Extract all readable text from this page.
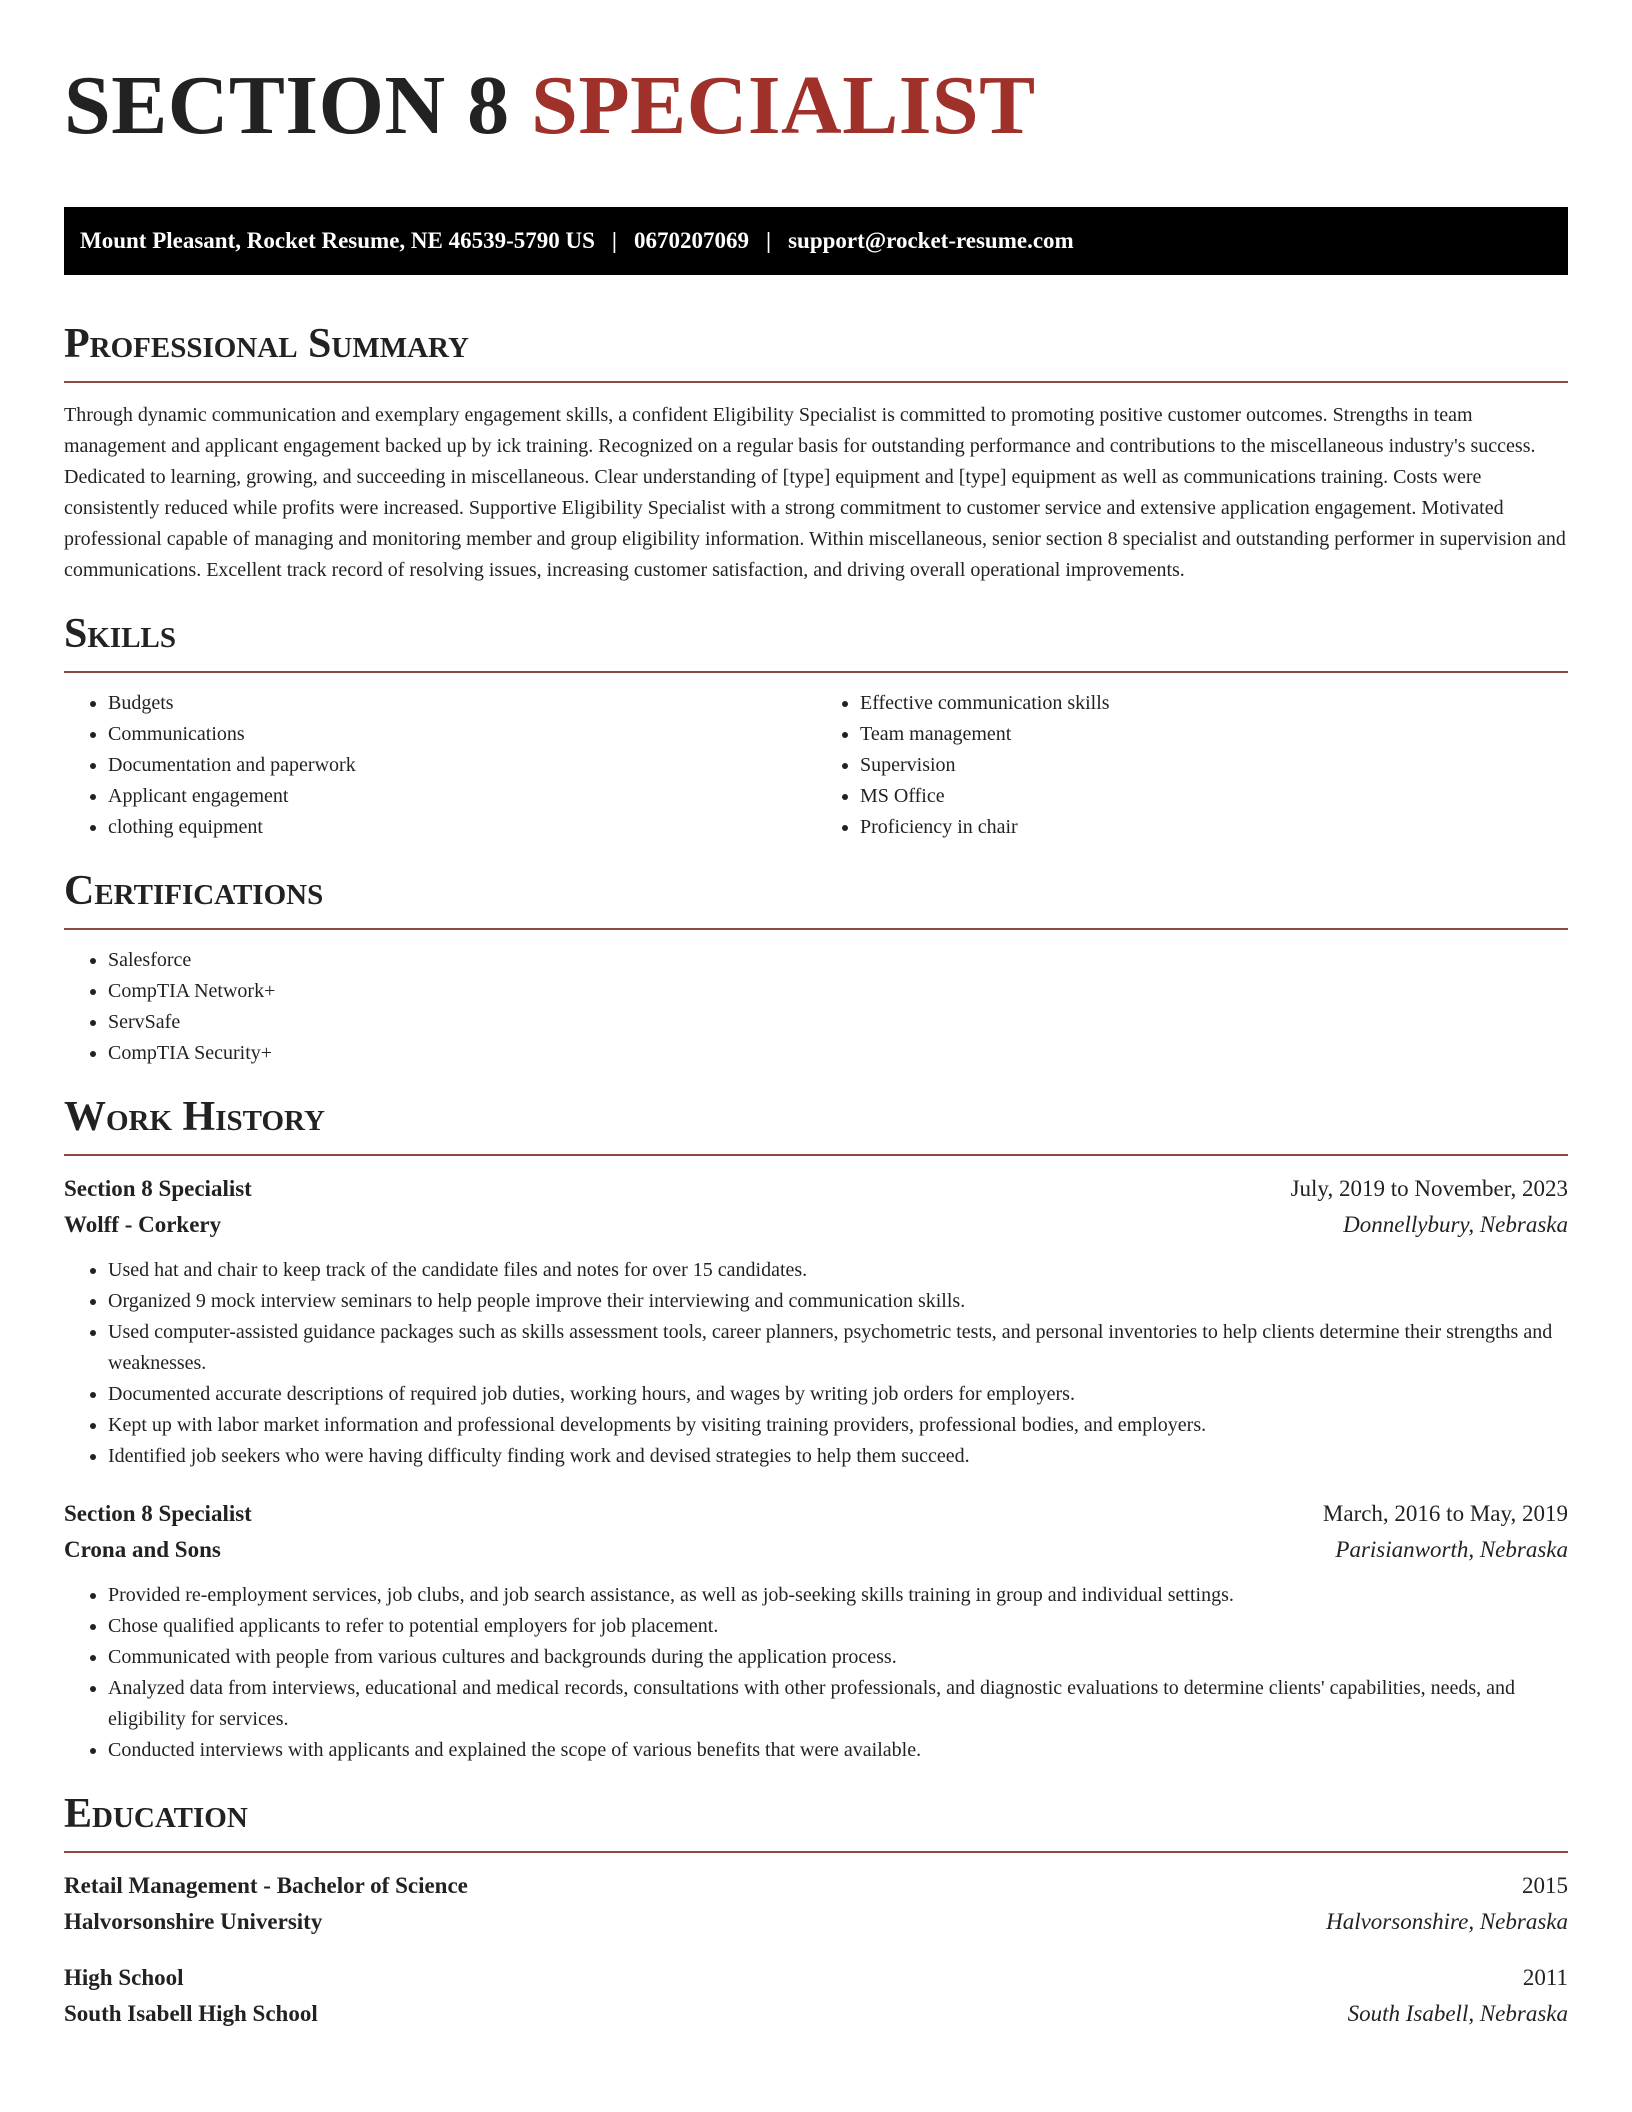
SECTION 8 SPECIALIST
Mount Pleasant, Rocket Resume, NE 46539-5790 US | 0670207069 | support@rocket-resume.com
Professional Summary

Through dynamic communication and exemplary engagement skills, a confident Eligibility Specialist is committed to promoting positive customer outcomes. Strengths in team management and applicant engagement backed up by ick training. Recognized on a regular basis for outstanding performance and contributions to the miscellaneous industry's success. Dedicated to learning, growing, and succeeding in miscellaneous. Clear understanding of [type] equipment and [type] equipment as well as communications training. Costs were consistently reduced while profits were increased. Supportive Eligibility Specialist with a strong commitment to customer service and extensive application engagement. Motivated professional capable of managing and monitoring member and group eligibility information. Within miscellaneous, senior section 8 specialist and outstanding performer in supervision and communications. Excellent track record of resolving issues, increasing customer satisfaction, and driving overall operational improvements.

Skills
• Budgets
• Communications
• Documentation and paperwork
• Applicant engagement
• clothing equipment
• Effective communication skills
• Team management
• Supervision
• MS Office
• Proficiency in chair
Certifications
• Salesforce
• CompTIA Network+
• ServSafe
• CompTIA Security+
Work History
Section 8 Specialist	July, 2019 to November, 2023
Wolff - Corkery	Donnellybury, Nebraska
• Used hat and chair to keep track of the candidate files and notes for over 15 candidates.
• Organized 9 mock interview seminars to help people improve their interviewing and communication skills.
• Used computer-assisted guidance packages such as skills assessment tools, career planners, psychometric tests, and personal inventories to help clients determine their strengths and weaknesses.
• Documented accurate descriptions of required job duties, working hours, and wages by writing job orders for employers.
• Kept up with labor market information and professional developments by visiting training providers, professional bodies, and employers.
• Identified job seekers who were having difficulty finding work and devised strategies to help them succeed.
Section 8 Specialist	March, 2016 to May, 2019
Crona and Sons	Parisianworth, Nebraska
• Provided re-employment services, job clubs, and job search assistance, as well as job-seeking skills training in group and individual settings.
• Chose qualified applicants to refer to potential employers for job placement.
• Communicated with people from various cultures and backgrounds during the application process.
• Analyzed data from interviews, educational and medical records, consultations with other professionals, and diagnostic evaluations to determine clients' capabilities, needs, and eligibility for services.
• Conducted interviews with applicants and explained the scope of various benefits that were available.
Education
Retail Management - Bachelor of Science	2015
Halvorsonshire University	Halvorsonshire, Nebraska
High School	2011
South Isabell High School	South Isabell, Nebraska
